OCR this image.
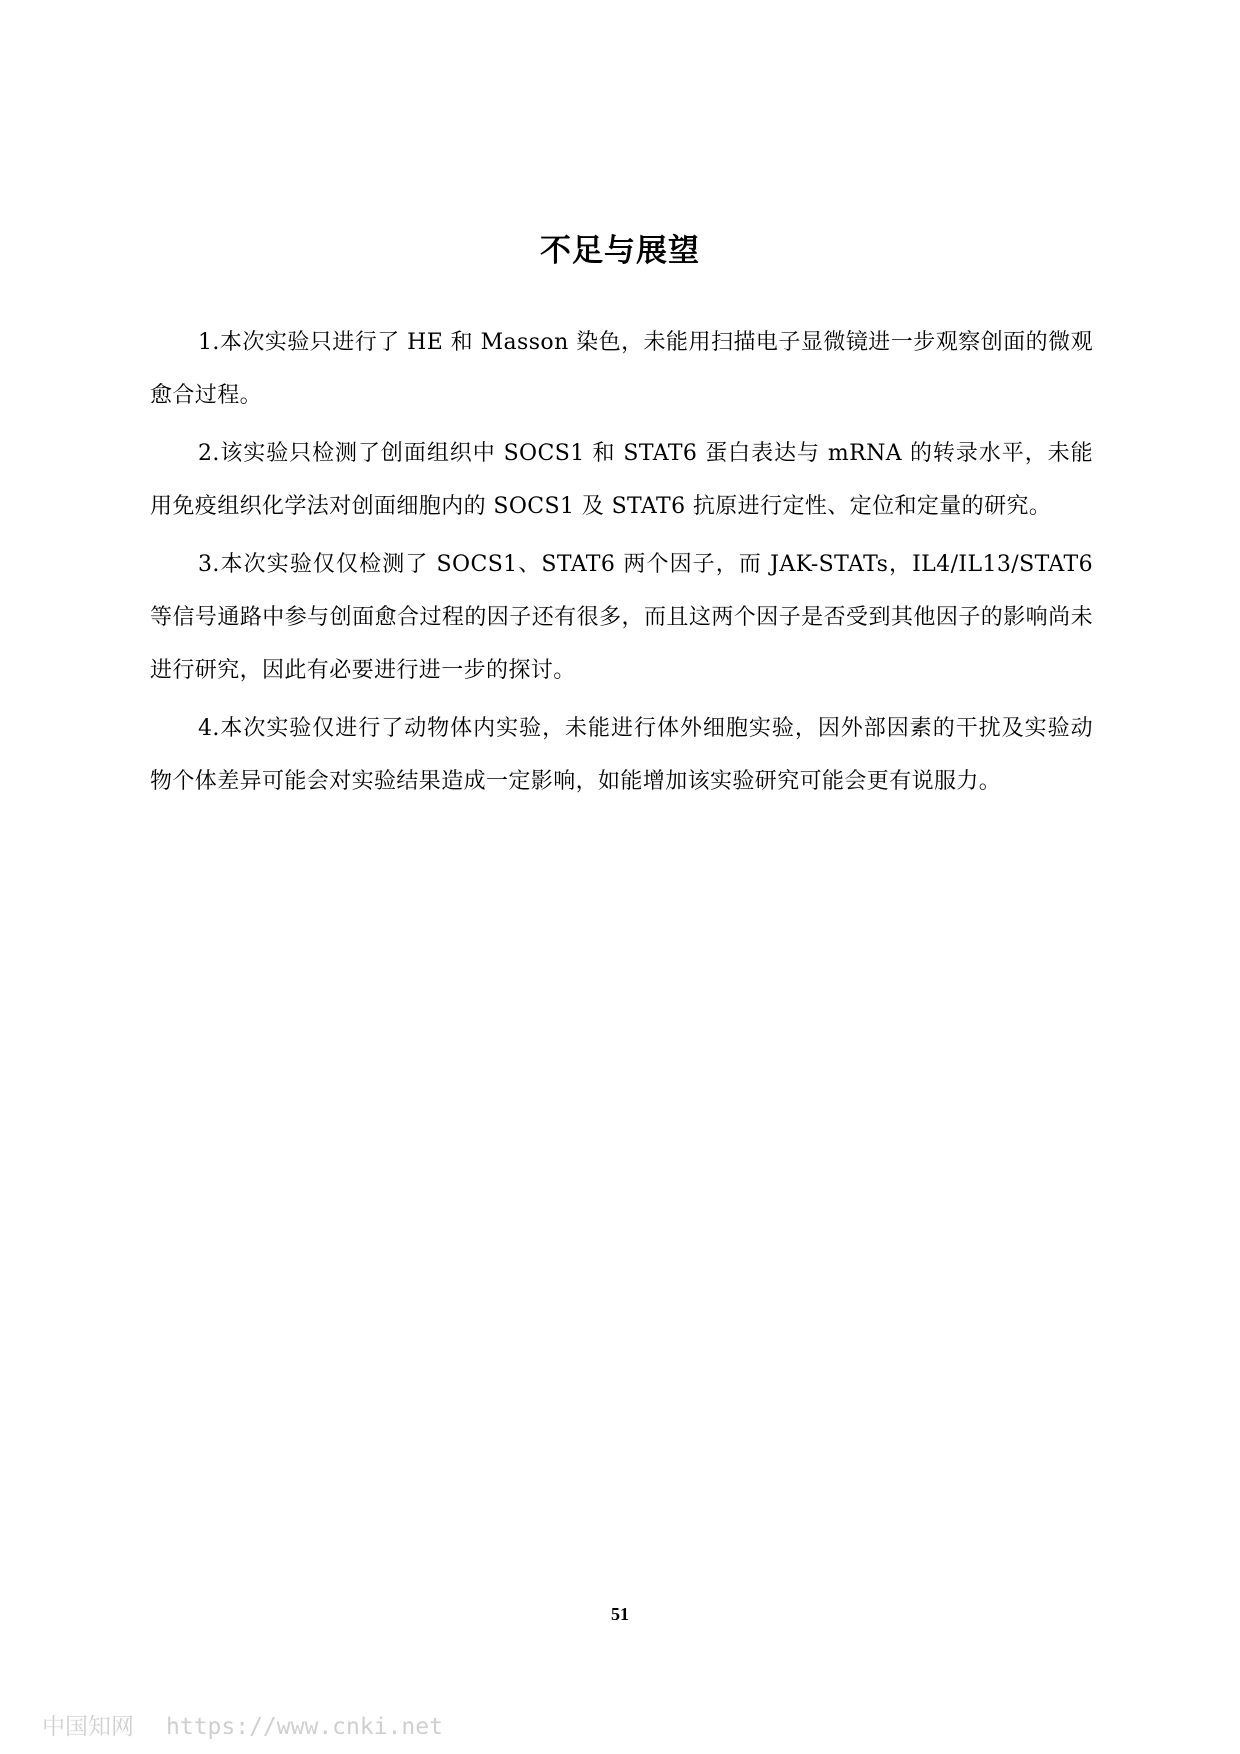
不足与展望

1.本次实验只进行了 HE 和 Masson 染色，未能用扫描电子显微镜进一步观察创面的微观愈合过程。

2.该实验只检测了创面组织中 SOCS1 和 STAT6 蛋白表达与 mRNA 的转录水平，未能用免疫组织化学法对创面细胞内的 SOCS1 及 STAT6 抗原进行定性、定位和定量的研究。

3.本次实验仅仅检测了 SOCS1、STAT6 两个因子，而 JAK-STATs，IL4/IL13/STAT6 等信号通路中参与创面愈合过程的因子还有很多，而且这两个因子是否受到其他因子的影响尚未进行研究，因此有必要进行进一步的探讨。

4.本次实验仅进行了动物体内实验，未能进行体外细胞实验，因外部因素的干扰及实验动物个体差异可能会对实验结果造成一定影响，如能增加该实验研究可能会更有说服力。

51
中国知网 https://www.cnki.net
